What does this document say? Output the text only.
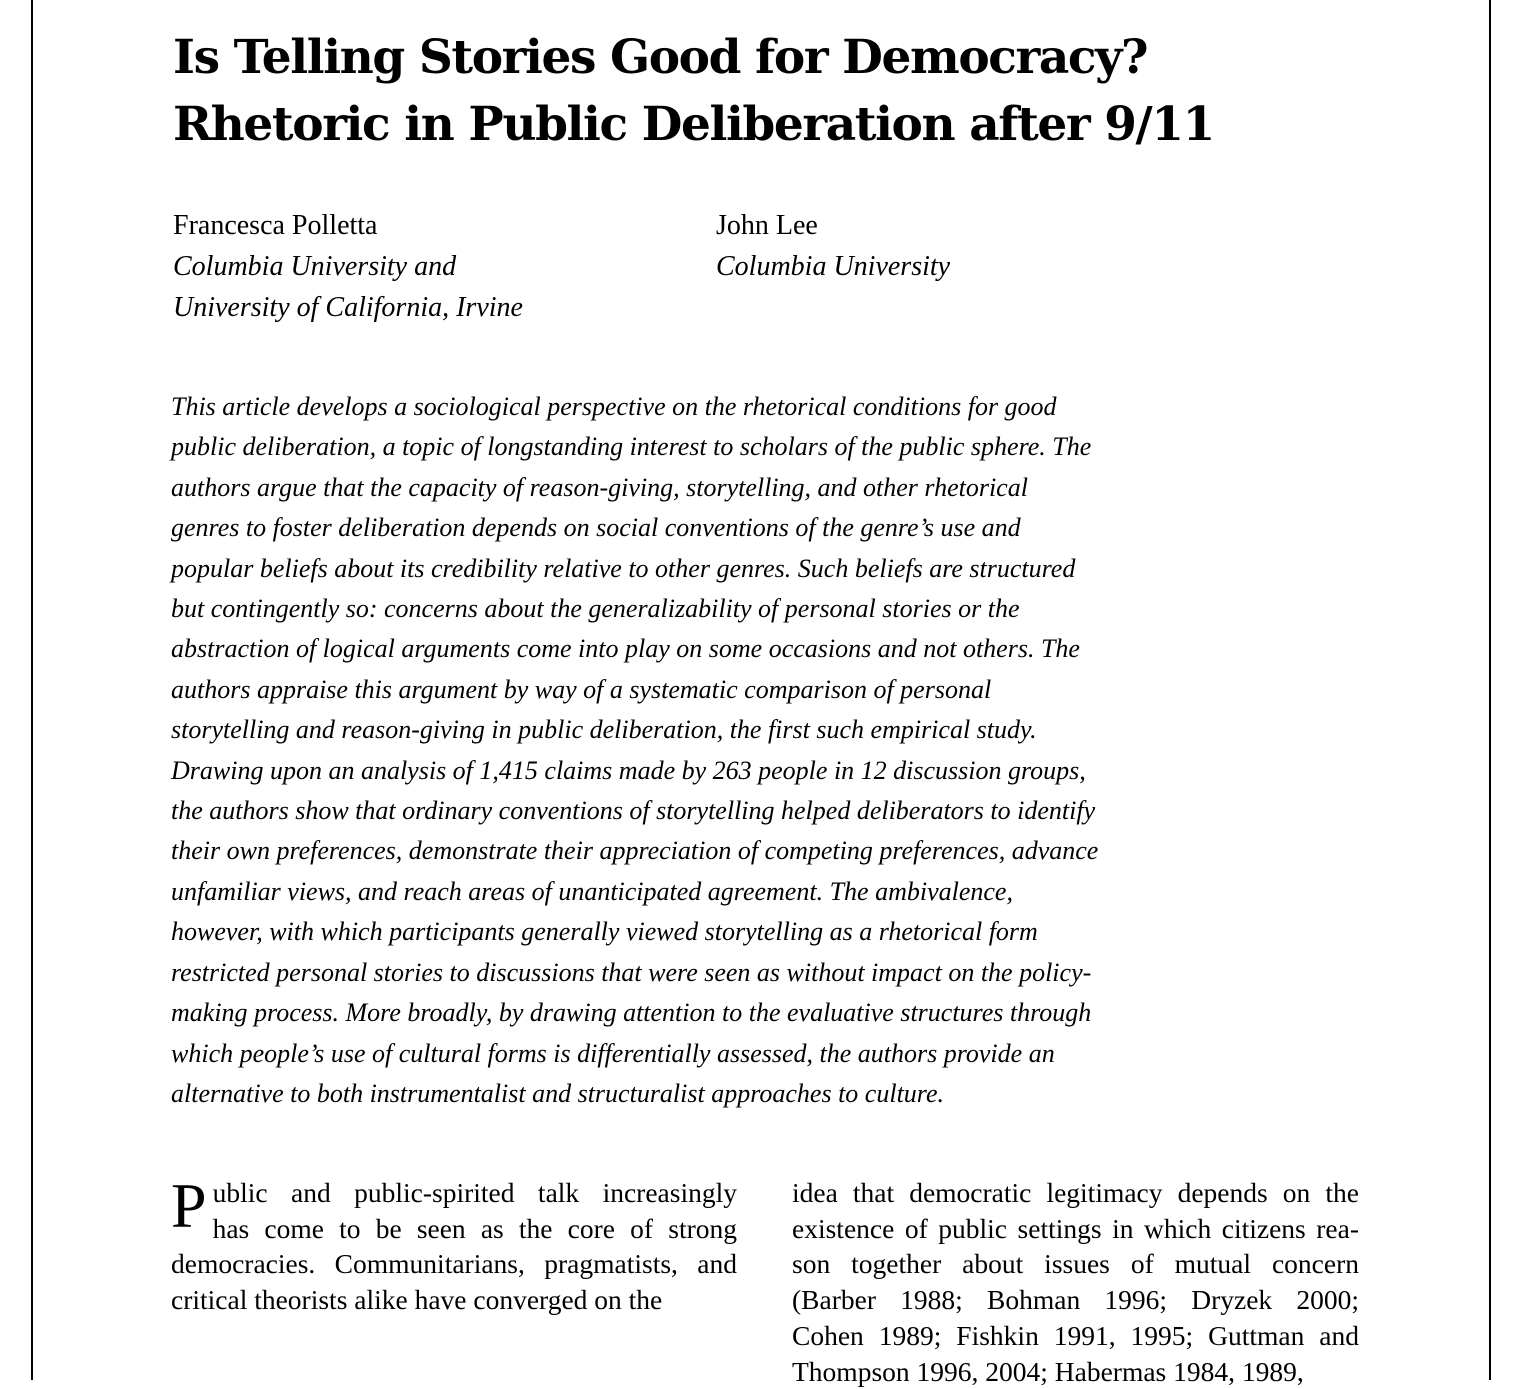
Is Telling Stories Good for Democracy?
Rhetoric in Public Deliberation after 9/11
Francesca Polletta
Columbia University and
University of California, Irvine
John Lee
Columbia University
This article develops a sociological perspective on the rhetorical conditions for good
public deliberation, a topic of longstanding interest to scholars of the public sphere. The
authors argue that the capacity of reason-giving, storytelling, and other rhetorical
genres to foster deliberation depends on social conventions of the genre’s use and
popular beliefs about its credibility relative to other genres. Such beliefs are structured
but contingently so: concerns about the generalizability of personal stories or the
abstraction of logical arguments come into play on some occasions and not others. The
authors appraise this argument by way of a systematic comparison of personal
storytelling and reason-giving in public deliberation, the first such empirical study.
Drawing upon an analysis of 1,415 claims made by 263 people in 12 discussion groups,
the authors show that ordinary conventions of storytelling helped deliberators to identify
their own preferences, demonstrate their appreciation of competing preferences, advance
unfamiliar views, and reach areas of unanticipated agreement. The ambivalence,
however, with which participants generally viewed storytelling as a rhetorical form
restricted personal stories to discussions that were seen as without impact on the policy-
making process. More broadly, by drawing attention to the evaluative structures through
which people’s use of cultural forms is differentially assessed, the authors provide an
alternative to both instrumentalist and structuralist approaches to culture.
P ublic and public-spirited talk increasingly
has come to be seen as the core of strong
democracies. Communitarians, pragmatists, and
critical theorists alike have converged on the
idea that democratic legitimacy depends on the
existence of public settings in which citizens rea-
son together about issues of mutual concern
(Barber 1988; Bohman 1996; Dryzek 2000;
Cohen 1989; Fishkin 1991, 1995; Guttman and
Thompson 1996, 2004; Habermas 1984, 1989,
